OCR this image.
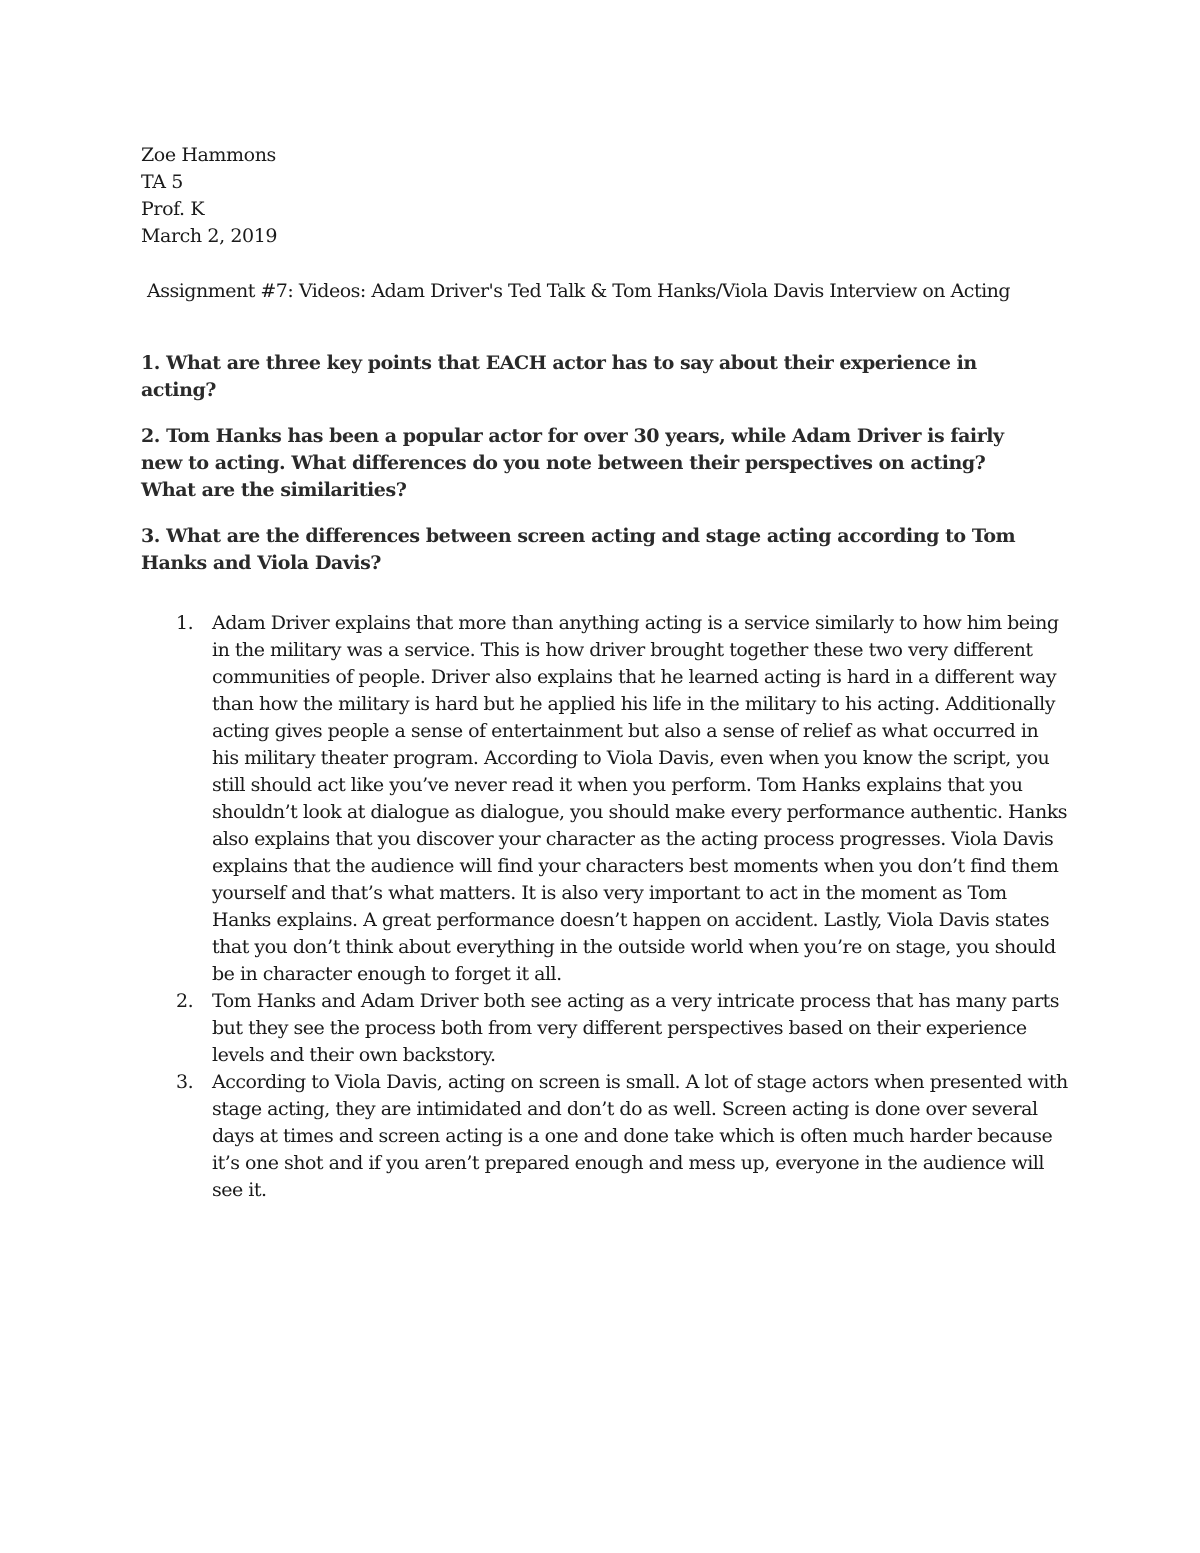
Zoe Hammons
TA 5
Prof. K
March 2, 2019
Assignment #7: Videos: Adam Driver's Ted Talk & Tom Hanks/Viola Davis Interview on Acting

1. What are three key points that EACH actor has to say about their experience in acting?

2. Tom Hanks has been a popular actor for over 30 years, while Adam Driver is fairly new to acting. What differences do you note between their perspectives on acting? What are the similarities?

3. What are the differences between screen acting and stage acting according to Tom Hanks and Viola Davis?

1. Adam Driver explains that more than anything acting is a service similarly to how him being in the military was a service. This is how driver brought together these two very different communities of people. Driver also explains that he learned acting is hard in a different way than how the military is hard but he applied his life in the military to his acting. Additionally acting gives people a sense of entertainment but also a sense of relief as what occurred in his military theater program. According to Viola Davis, even when you know the script, you still should act like you’ve never read it when you perform. Tom Hanks explains that you shouldn’t look at dialogue as dialogue, you should make every performance authentic. Hanks also explains that you discover your character as the acting process progresses. Viola Davis explains that the audience will find your characters best moments when you don’t find them yourself and that’s what matters. It is also very important to act in the moment as Tom Hanks explains. A great performance doesn’t happen on accident. Lastly, Viola Davis states that you don’t think about everything in the outside world when you’re on stage, you should be in character enough to forget it all.
2. Tom Hanks and Adam Driver both see acting as a very intricate process that has many parts but they see the process both from very different perspectives based on their experience levels and their own backstory.
3. According to Viola Davis, acting on screen is small. A lot of stage actors when presented with stage acting, they are intimidated and don’t do as well. Screen acting is done over several days at times and screen acting is a one and done take which is often much harder because it’s one shot and if you aren’t prepared enough and mess up, everyone in the audience will see it.
